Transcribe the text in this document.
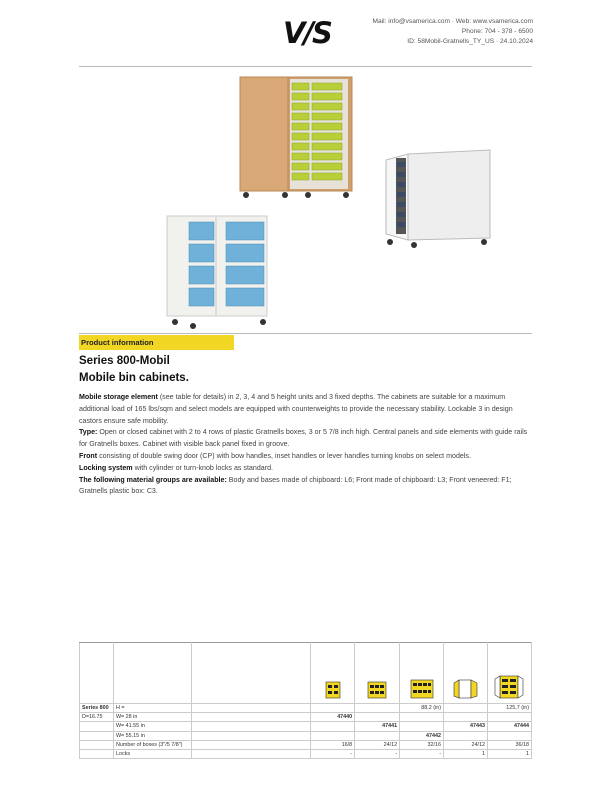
V/S	Mail: info@vsamerica.com · Web: www.vsamerica.com
Phone: 704 - 378 - 6500
ID: 58Mobil-Gratnells_TY_US · 24.10.2024
Product information
Series 800-Mobil
Mobile bin cabinets.

Mobile storage element (see table for details) in 2, 3, 4 and 5 height units and 3 fixed depths. The cabinets are suitable for a maximum additional load of 165 lbs/sqm and select models are equipped with counterweights to provide the necessary stability. Lockable 3 in design castors ensure safe mobility.

Type: Open or closed cabinet with 2 to 4 rows of plastic Gratnells boxes, 3 or 5 7/8 inch high. Central panels and side elements with guide rails for Gratnells boxes. Cabinet with visible back panel fixed in groove.

Front consisting of double swing door (CP) with bow handles, inset handles or lever handles turning knobs on select models.

Locking system with cylinder or turn-knob locks as standard.

The following material groups are available: Body and bases made of chipboard: L6; Front made of chipboard: L3; Front veneered: F1; Gratnells plastic box: C3.

Series 800	H =				88,2 (in)		125,7 (in)
D=16.75	W= 28 in		47440				
	W= 41.55 in			47441		47443	47444
	W= 55.15 in				47442		
	Number of boxes (3"/5 7/8")		16/8	24/12	32/16	24/12	36/18
	Locks		-	-	-	1	1
